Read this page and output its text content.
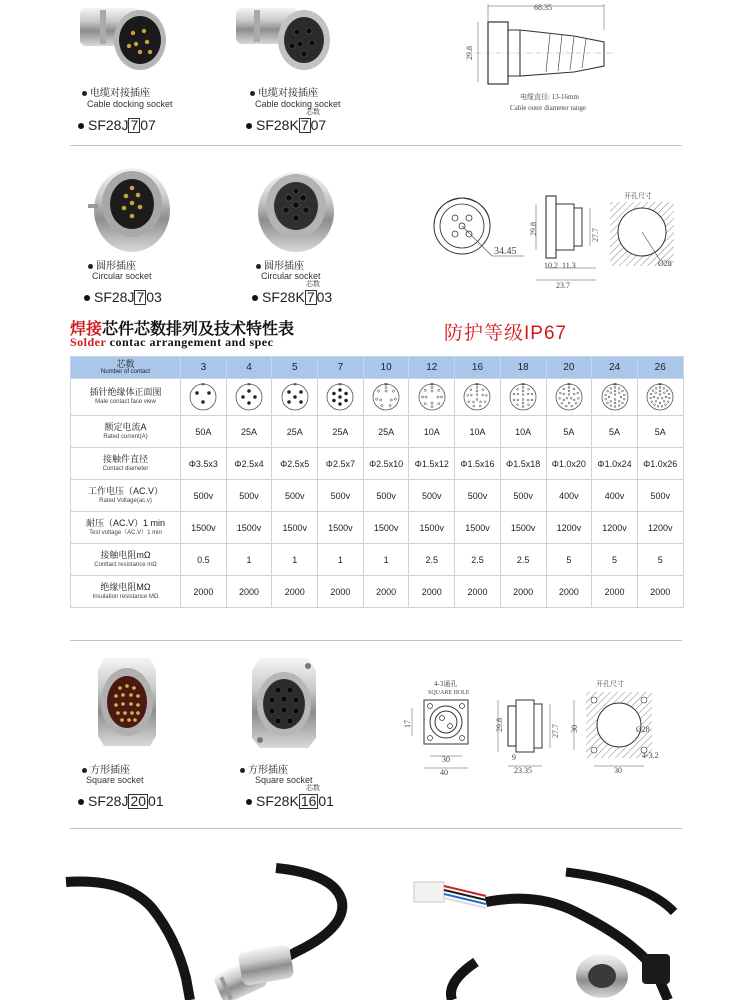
电缆对接插座
Cable docking socket
SF28J 7 07
电缆对接插座
Cable docking socket
芯数
SF28K 7 07
68.35
29.8
电缆直径: 13-16mm
Cable outer diameter range
圆形插座
Circular socket
SF28J 7 03
圆形插座
Circular socket
芯数
SF28K 7 03
34.45
29.8	27.7
10.2 11.3
23.7
开孔尺寸
Ø28
焊接芯件芯数排列及技术特性表
Solder contac arrangement and spec	防护等级IP67
芯数
Number of contact	3	4	5	7	10	12	16	18	20	24	26

插针绝缘体正面图
Male contact face view

额定电流A
Rated current(A)	50A	25A	25A	25A	25A	10A	10A	10A	5A	5A	5A

接触件直径
Contact diameter	Φ3.5x3	Φ2.5x4	Φ2.5x5	Φ2.5x7	Φ2.5x10	Φ1.5x12	Φ1.5x16	Φ1.5x18	Φ1.0x20	Φ1.0x24	Φ1.0x26

工作电压（AC.V）
Rated Voltage(ac.v)	500v	500v	500v	500v	500v	500v	500v	500v	400v	400v	500v

耐压（AC.V）1 min
Test voltage（AC.V）1 min	1500v	1500v	1500v	1500v	1500v	1500v	1500v	1500v	1200v	1200v	1200v

接触电阻mΩ
Conttact resistance mΩ	0.5	1	1	1	1	2.5	2.5	2.5	5	5	5

绝缘电阻MΩ
Insulation resistance MΩ	2000	2000	2000	2000	2000	2000	2000	2000	2000	2000	2000
方形插座
Square socket
SF28J 20 01
方形插座
Square socket
芯数
SF28K 16 01
4-3通孔
SQUARE HOLE
17
30
40
29.8	27.7
9
23.35
开孔尺寸
Ø28
30
4-3.2
30
